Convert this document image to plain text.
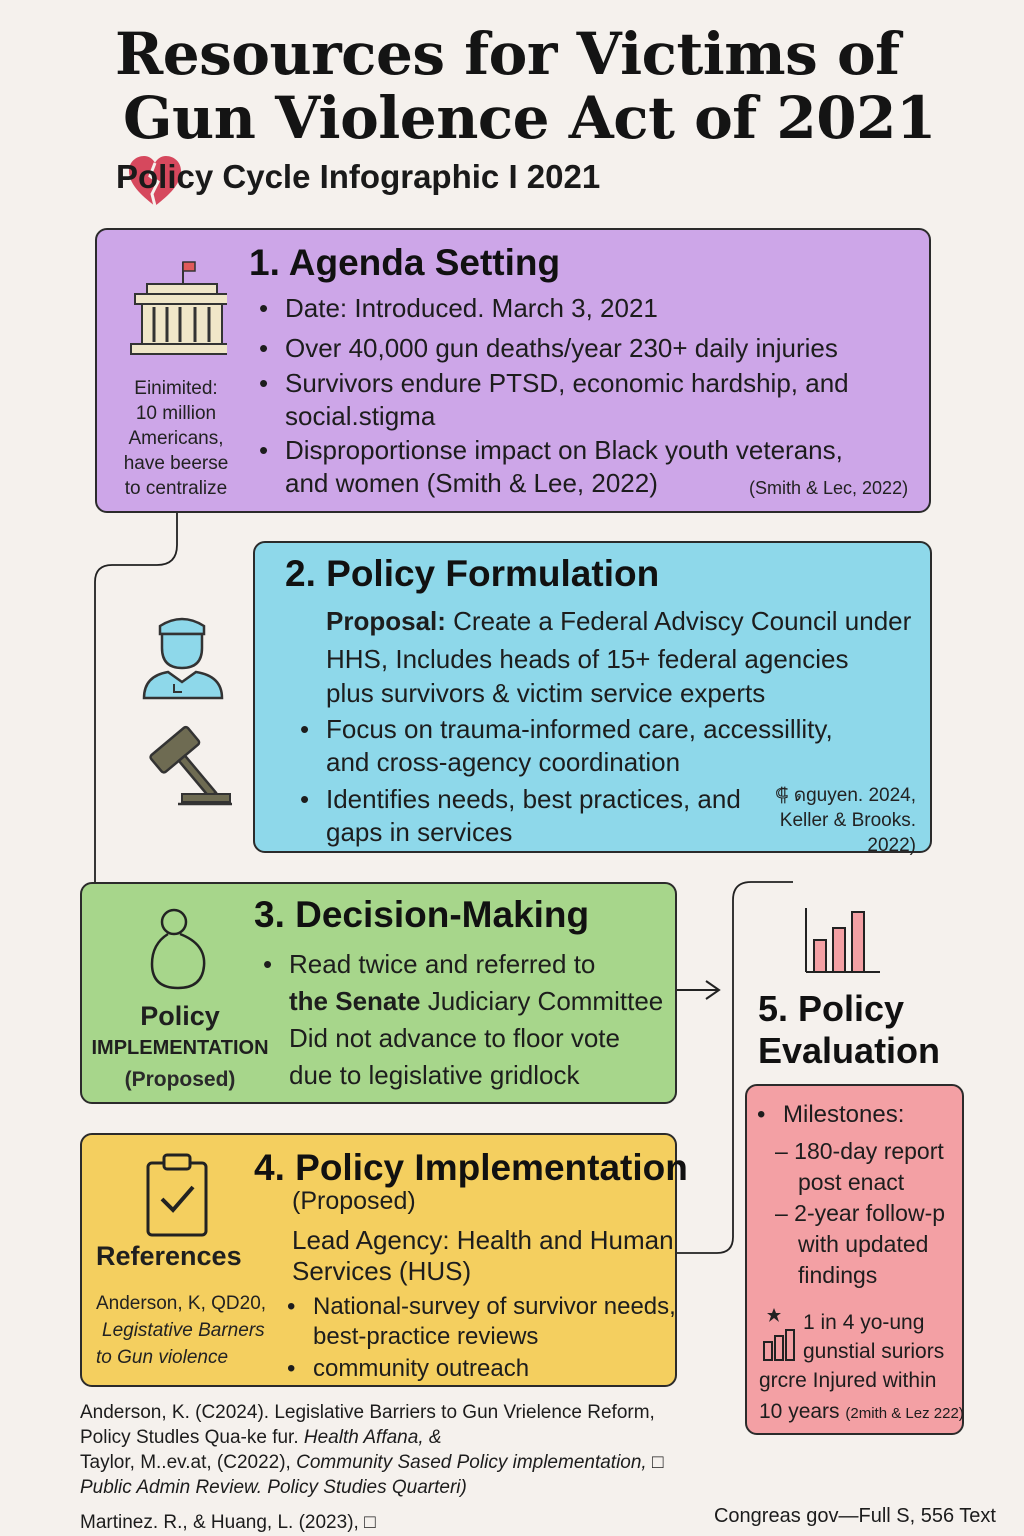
Resources for Victims of
Gun Violence Act of 2021
Policy Cycle Infographic I 2021
1. Agenda Setting
Einimited:
10 million
Americans,
have beerse
to centralize
• Date: Introduced. March 3, 2021
• Over 40,000 gun deaths/year 230+ daily injuries
• Survivors endure PTSD, economic hardship, and
social.stigma
• Disproportionse impact on Black youth veterans,
and women (Smith & Lee, 2022)	(Smith & Lec, 2022)
2. Policy Formulation
Proposal: Create a Federal Adviscy Council under
HHS, Includes heads of 15+ federal agencies
plus survivors & victim service experts
• Focus on trauma-informed care, accessillity,
and cross-agency coordination
• Identifies needs, best practices, and
gaps in services
⸿ ดguyen. 2024,
Keller & Brooks.
2022)
3. Decision-Making
Policy
IMPLEMENTATION
(Proposed)
• Read twice and referred to
the Senate Judiciary Committee
Did not advance to floor vote
due to legislative gridlock
4. Policy Implementation
(Proposed)
Lead Agency: Health and Human
Services (HUS)
• National-survey of survivor needs,
best-practice reviews
• community outreach
References
Anderson, K, QD20,
Legistative Barners
to Gun violence
5. Policy
Evaluation
• Milestones:
– 180-day report
post enact
– 2-year follow-p
with updated
findings
1 in 4 yo-ung
gunstial suriors
grcre Injured within
10 years (2mith & Lez 222)
Anderson, K. (C2024). Legislative Barriers to Gun Vrielence Reform,
Policy Studles Qua-ke fur. Health Affana, &
Taylor, M..ev.at, (C2022), Community Sased Policy implementation, □
Public Admin Review. Policy Studies Quarteri)
Martinez. R., & Huang, L. (2023), □	Congreas gov—Full S, 556 Text
